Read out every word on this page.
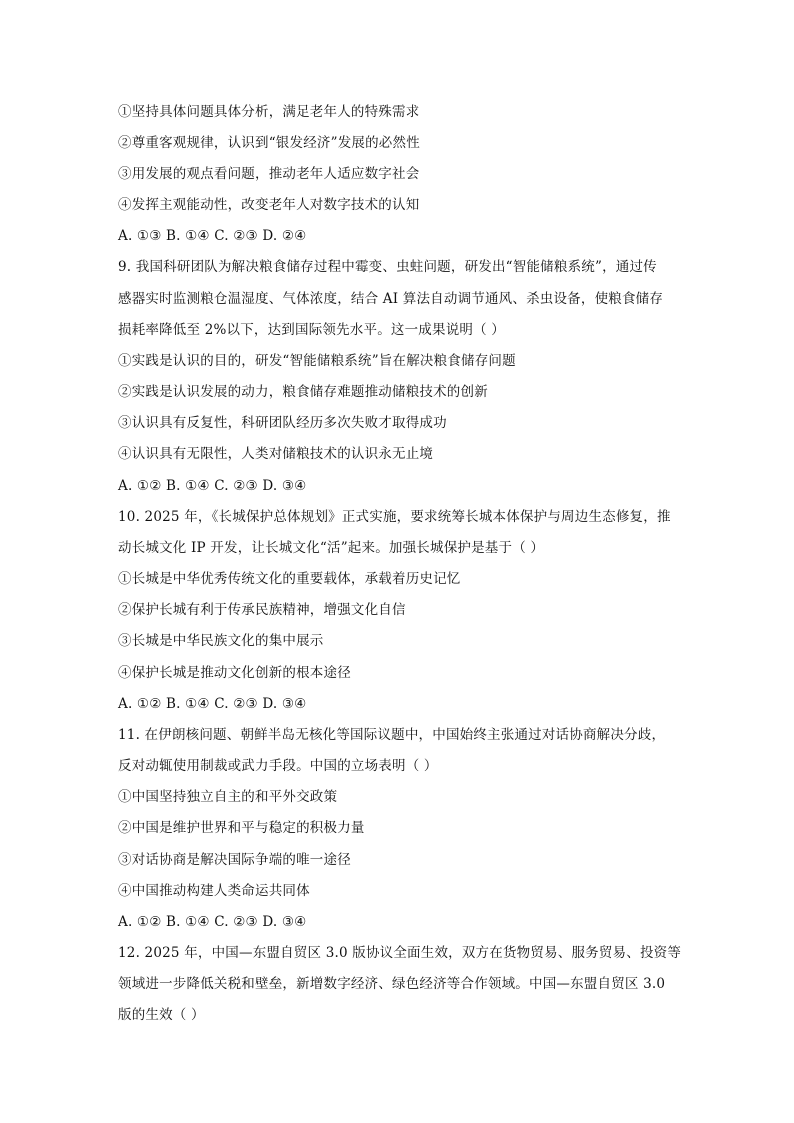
①坚持具体问题具体分析，满足老年人的特殊需求
②尊重客观规律，认识到“银发经济”发展的必然性
③用发展的观点看问题，推动老年人适应数字社会
④发挥主观能动性，改变老年人对数字技术的认知
A. ①③ B. ①④ C. ②③ D. ②④
9. 我国科研团队为解决粮食储存过程中霉变、虫蛀问题，研发出“智能储粮系统”，通过传
感器实时监测粮仓温湿度、气体浓度，结合 AI 算法自动调节通风、杀虫设备，使粮食储存
损耗率降低至 2%以下，达到国际领先水平。这一成果说明（ ）
①实践是认识的目的，研发“智能储粮系统”旨在解决粮食储存问题
②实践是认识发展的动力，粮食储存难题推动储粮技术的创新
③认识具有反复性，科研团队经历多次失败才取得成功
④认识具有无限性，人类对储粮技术的认识永无止境
A. ①② B. ①④ C. ②③ D. ③④
10. 2025 年，《长城保护总体规划》正式实施，要求统筹长城本体保护与周边生态修复，推
动长城文化 IP 开发，让长城文化“活”起来。加强长城保护是基于（ ）
①长城是中华优秀传统文化的重要载体，承载着历史记忆
②保护长城有利于传承民族精神，增强文化自信
③长城是中华民族文化的集中展示
④保护长城是推动文化创新的根本途径
A. ①② B. ①④ C. ②③ D. ③④
11. 在伊朗核问题、朝鲜半岛无核化等国际议题中，中国始终主张通过对话协商解决分歧，
反对动辄使用制裁或武力手段。中国的立场表明（ ）
①中国坚持独立自主的和平外交政策
②中国是维护世界和平与稳定的积极力量
③对话协商是解决国际争端的唯一途径
④中国推动构建人类命运共同体
A. ①② B. ①④ C. ②③ D. ③④
12. 2025 年，中国—东盟自贸区 3.0 版协议全面生效，双方在货物贸易、服务贸易、投资等
领域进一步降低关税和壁垒，新增数字经济、绿色经济等合作领域。中国—东盟自贸区 3.0
版的生效（ ）
